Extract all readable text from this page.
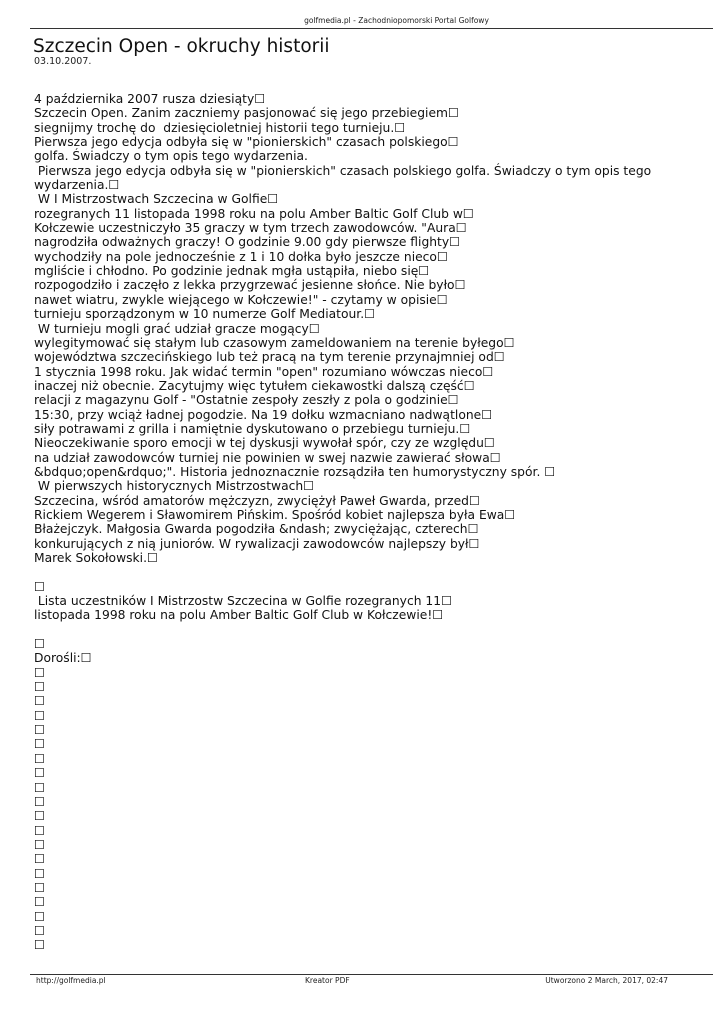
golfmedia.pl - Zachodniopomorski Portal Golfowy
Szczecin Open - okruchy historii
03.10.2007.
4 października 2007 rusza dziesiąty☐
Szczecin Open. Zanim zaczniemy pasjonować się jego przebiegiem☐
siegnijmy trochę do  dziesięcioletniej historii tego turnieju.☐
Pierwsza jego edycja odbyła się w "pionierskich" czasach polskiego☐
golfa. Świadczy o tym opis tego wydarzenia.
Pierwsza jego edycja odbyła się w "pionierskich" czasach polskiego golfa. Świadczy o tym opis tego
wydarzenia.☐
W I Mistrzostwach Szczecina w Golfie☐
rozegranych 11 listopada 1998 roku na polu Amber Baltic Golf Club w☐
Kołczewie uczestniczyło 35 graczy w tym trzech zawodowców. "Aura☐
nagrodziła odważnych graczy! O godzinie 9.00 gdy pierwsze flighty☐
wychodziły na pole jednocześnie z 1 i 10 dołka było jeszcze nieco☐
mgliście i chłodno. Po godzinie jednak mgła ustąpiła, niebo się☐
rozpogodziło i zaczęło z lekka przygrzewać jesienne słońce. Nie było☐
nawet wiatru, zwykle wiejącego w Kołczewie!" - czytamy w opisie☐
turnieju sporządzonym w 10 numerze Golf Mediatour.☐
W turnieju mogli grać udział gracze mogący☐
wylegitymować się stałym lub czasowym zameldowaniem na terenie byłego☐
województwa szczecińskiego lub też pracą na tym terenie przynajmniej od☐
1 stycznia 1998 roku. Jak widać termin "open" rozumiano wówczas nieco☐
inaczej niż obecnie. Zacytujmy więc tytułem ciekawostki dalszą część☐
relacji z magazynu Golf - "Ostatnie zespoły zeszły z pola o godzinie☐
15:30, przy wciąż ładnej pogodzie. Na 19 dołku wzmacniano nadwątlone☐
siły potrawami z grilla i namiętnie dyskutowano o przebiegu turnieju.☐
Nieoczekiwanie sporo emocji w tej dyskusji wywołał spór, czy ze względu☐
na udział zawodowców turniej nie powinien w swej nazwie zawierać słowa☐
&bdquo;open&rdquo;". Historia jednoznacznie rozsądziła ten humorystyczny spór. ☐
W pierwszych historycznych Mistrzostwach☐
Szczecina, wśród amatorów mężczyzn, zwyciężył Paweł Gwarda, przed☐
Rickiem Wegerem i Sławomirem Pińskim. Spośród kobiet najlepsza była Ewa☐
Błażejczyk. Małgosia Gwarda pogodziła &ndash; zwyciężając, czterech☐
konkurujących z nią juniorów. W rywalizacji zawodowców najlepszy był☐
Marek Sokołowski.☐
☐
Lista uczestników I Mistrzostw Szczecina w Golfie rozegranych 11☐
listopada 1998 roku na polu Amber Baltic Golf Club w Kołczewie!☐
☐
Dorośli:☐
☐
☐
☐
☐
☐
☐
☐
☐
☐
☐
☐
☐
☐
☐
☐
☐
☐
☐
☐
☐
http://golfmedia.pl	Kreator PDF	Utworzono 2 March, 2017, 02:47
